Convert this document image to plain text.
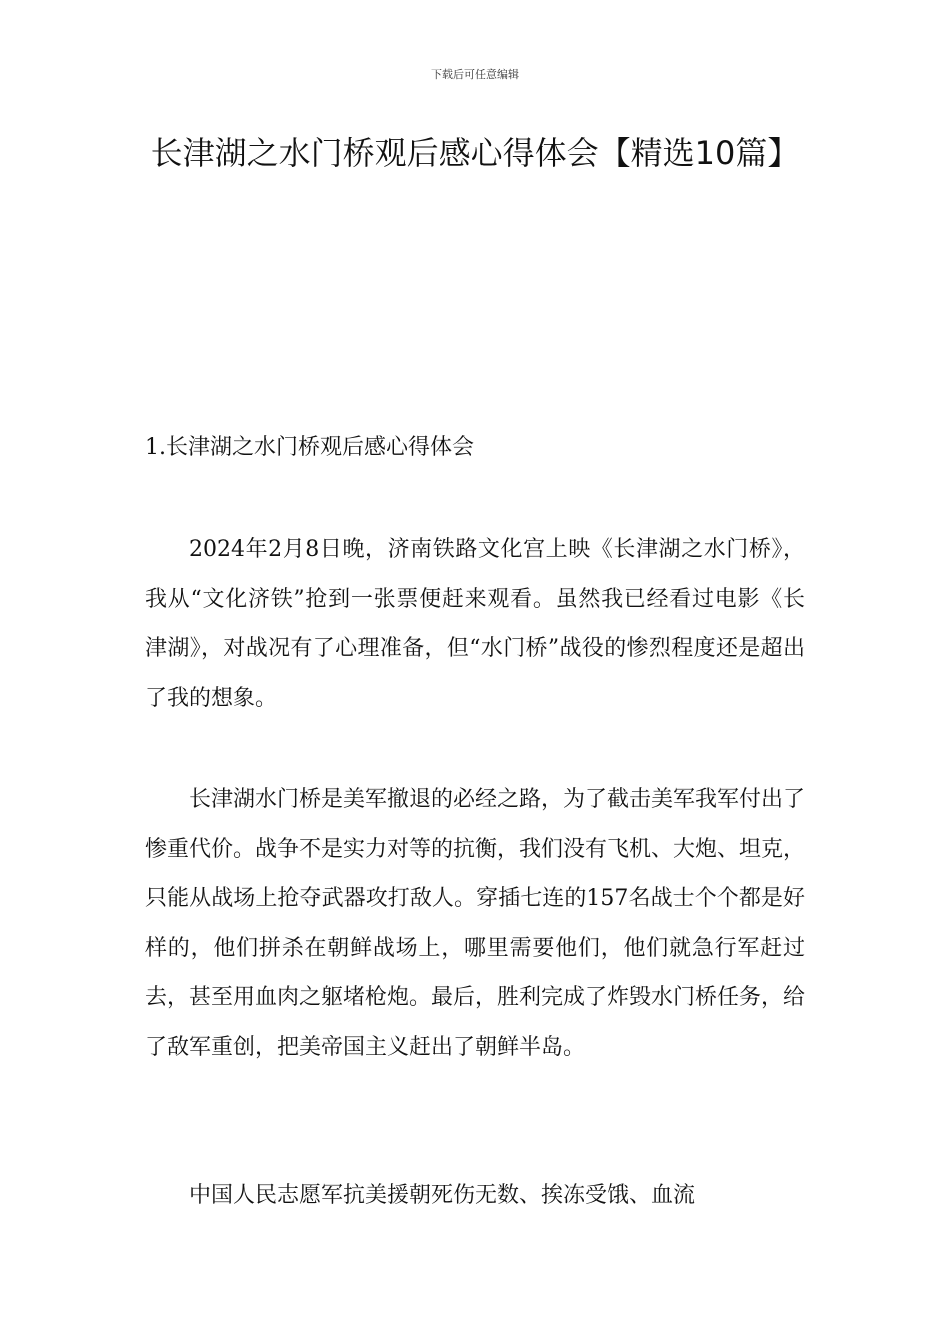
下载后可任意编辑
长津湖之水门桥观后感心得体会【精选10篇】
1.长津湖之水门桥观后感心得体会

2024年2月8日晚，济南铁路文化宫上映《长津湖之水门桥》，我从“文化济铁”抢到一张票便赶来观看。虽然我已经看过电影《长津湖》，对战况有了心理准备，但“水门桥”战役的惨烈程度还是超出了我的想象。

长津湖水门桥是美军撤退的必经之路，为了截击美军我军付出了惨重代价。战争不是实力对等的抗衡，我们没有飞机、大炮、坦克，只能从战场上抢夺武器攻打敌人。穿插七连的157名战士个个都是好样的，他们拼杀在朝鲜战场上，哪里需要他们，他们就急行军赶过去，甚至用血肉之躯堵枪炮。最后，胜利完成了炸毁水门桥任务，给了敌军重创，把美帝国主义赶出了朝鲜半岛。

中国人民志愿军抗美援朝死伤无数、挨冻受饿、血流
